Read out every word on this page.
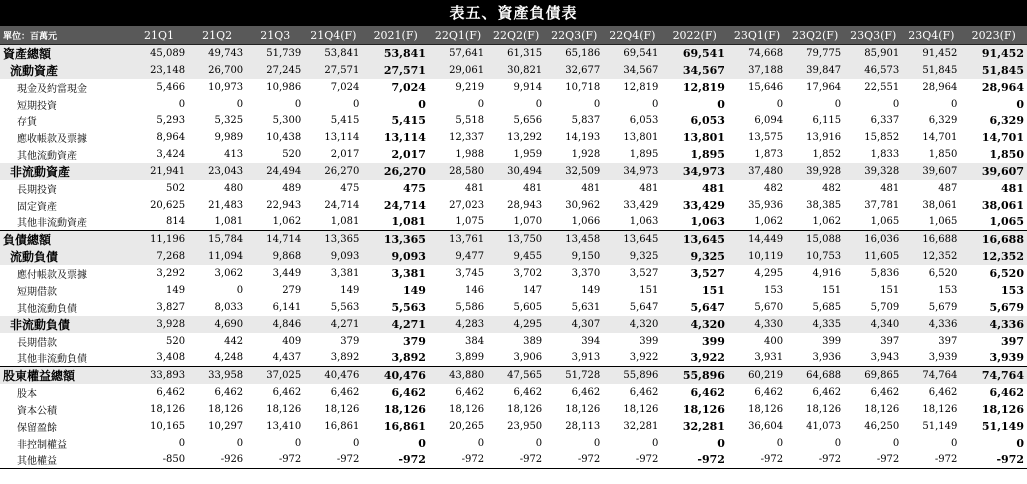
表五、資產負債表
單位：百萬元	21Q1	21Q2	21Q3	21Q4(F)	2021(F)	22Q1(F)	22Q2(F)	22Q3(F)	22Q4(F)	2022(F)	23Q1(F)	23Q2(F)	23Q3(F)	23Q4(F)	2023(F)
資產總額	45,089	49,743	51,739	53,841	53,841	57,641	61,315	65,186	69,541	69,541	74,668	79,775	85,901	91,452	91,452
流動資產	23,148	26,700	27,245	27,571	27,571	29,061	30,821	32,677	34,567	34,567	37,188	39,847	46,573	51,845	51,845
現金及約當現金	5,466	10,973	10,986	7,024	7,024	9,219	9,914	10,718	12,819	12,819	15,646	17,964	22,551	28,964	28,964
短期投資	0	0	0	0	0	0	0	0	0	0	0	0	0	0	0
存貨	5,293	5,325	5,300	5,415	5,415	5,518	5,656	5,837	6,053	6,053	6,094	6,115	6,337	6,329	6,329
應收帳款及票據	8,964	9,989	10,438	13,114	13,114	12,337	13,292	14,193	13,801	13,801	13,575	13,916	15,852	14,701	14,701
其他流動資產	3,424	413	520	2,017	2,017	1,988	1,959	1,928	1,895	1,895	1,873	1,852	1,833	1,850	1,850
非流動資產	21,941	23,043	24,494	26,270	26,270	28,580	30,494	32,509	34,973	34,973	37,480	39,928	39,328	39,607	39,607
長期投資	502	480	489	475	475	481	481	481	481	481	482	482	481	487	481
固定資產	20,625	21,483	22,943	24,714	24,714	27,023	28,943	30,962	33,429	33,429	35,936	38,385	37,781	38,061	38,061
其他非流動資產	814	1,081	1,062	1,081	1,081	1,075	1,070	1,066	1,063	1,063	1,062	1,062	1,065	1,065	1,065
負債總額	11,196	15,784	14,714	13,365	13,365	13,761	13,750	13,458	13,645	13,645	14,449	15,088	16,036	16,688	16,688
流動負債	7,268	11,094	9,868	9,093	9,093	9,477	9,455	9,150	9,325	9,325	10,119	10,753	11,605	12,352	12,352
應付帳款及票據	3,292	3,062	3,449	3,381	3,381	3,745	3,702	3,370	3,527	3,527	4,295	4,916	5,836	6,520	6,520
短期借款	149	0	279	149	149	146	147	149	151	151	153	151	151	153	153
其他流動負債	3,827	8,033	6,141	5,563	5,563	5,586	5,605	5,631	5,647	5,647	5,670	5,685	5,709	5,679	5,679
非流動負債	3,928	4,690	4,846	4,271	4,271	4,283	4,295	4,307	4,320	4,320	4,330	4,335	4,340	4,336	4,336
長期借款	520	442	409	379	379	384	389	394	399	399	400	399	397	397	397
其他非流動負債	3,408	4,248	4,437	3,892	3,892	3,899	3,906	3,913	3,922	3,922	3,931	3,936	3,943	3,939	3,939
股東權益總額	33,893	33,958	37,025	40,476	40,476	43,880	47,565	51,728	55,896	55,896	60,219	64,688	69,865	74,764	74,764
股本	6,462	6,462	6,462	6,462	6,462	6,462	6,462	6,462	6,462	6,462	6,462	6,462	6,462	6,462	6,462
資本公積	18,126	18,126	18,126	18,126	18,126	18,126	18,126	18,126	18,126	18,126	18,126	18,126	18,126	18,126	18,126
保留盈餘	10,165	10,297	13,410	16,861	16,861	20,265	23,950	28,113	32,281	32,281	36,604	41,073	46,250	51,149	51,149
非控制權益	0	0	0	0	0	0	0	0	0	0	0	0	0	0	0
其他權益	-850	-926	-972	-972	-972	-972	-972	-972	-972	-972	-972	-972	-972	-972	-972
